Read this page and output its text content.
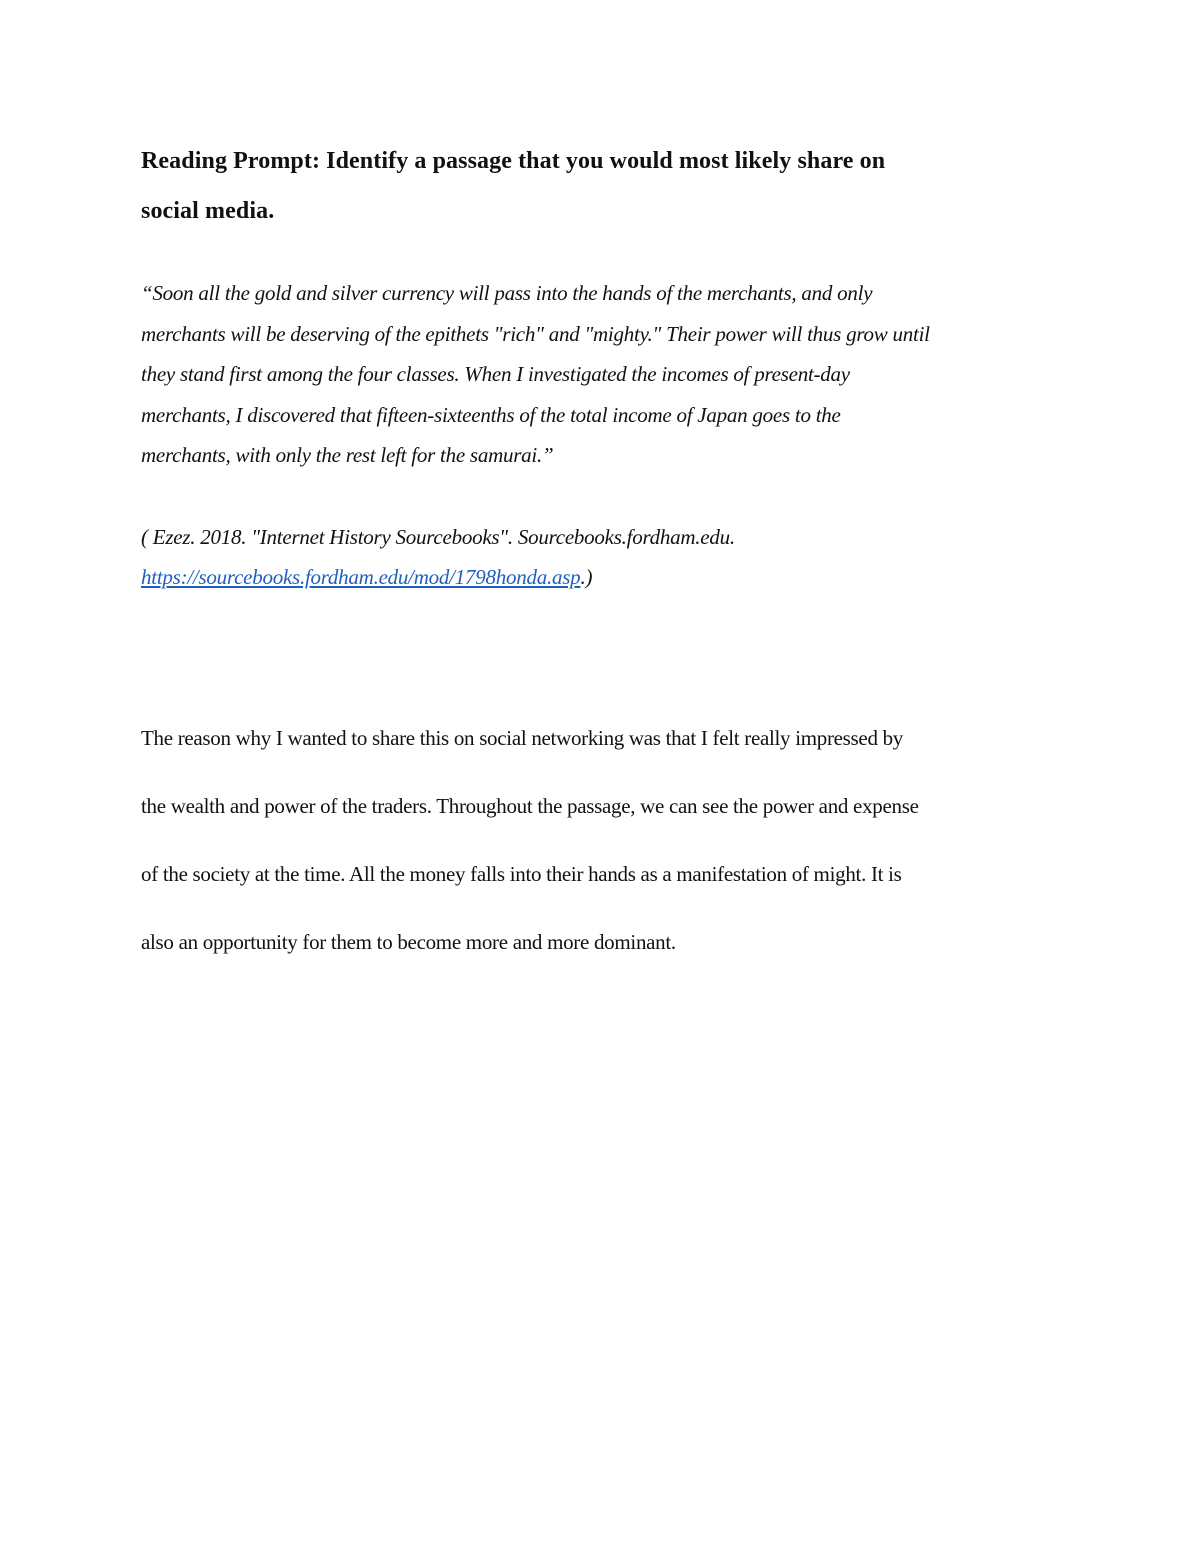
Reading Prompt: Identify a passage that you would most likely share on
social media.
“Soon all the gold and silver currency will pass into the hands of the merchants, and only
merchants will be deserving of the epithets "rich" and "mighty." Their power will thus grow until
they stand first among the four classes. When I investigated the incomes of present-day
merchants, I discovered that fifteen-sixteenths of the total income of Japan goes to the
merchants, with only the rest left for the samurai.”
( Ezez. 2018. "Internet History Sourcebooks". Sourcebooks.fordham.edu.
https://sourcebooks.fordham.edu/mod/1798honda.asp.)
The reason why I wanted to share this on social networking was that I felt really impressed by
the wealth and power of the traders. Throughout the passage, we can see the power and expense
of the society at the time. All the money falls into their hands as a manifestation of might. It is
also an opportunity for them to become more and more dominant.
